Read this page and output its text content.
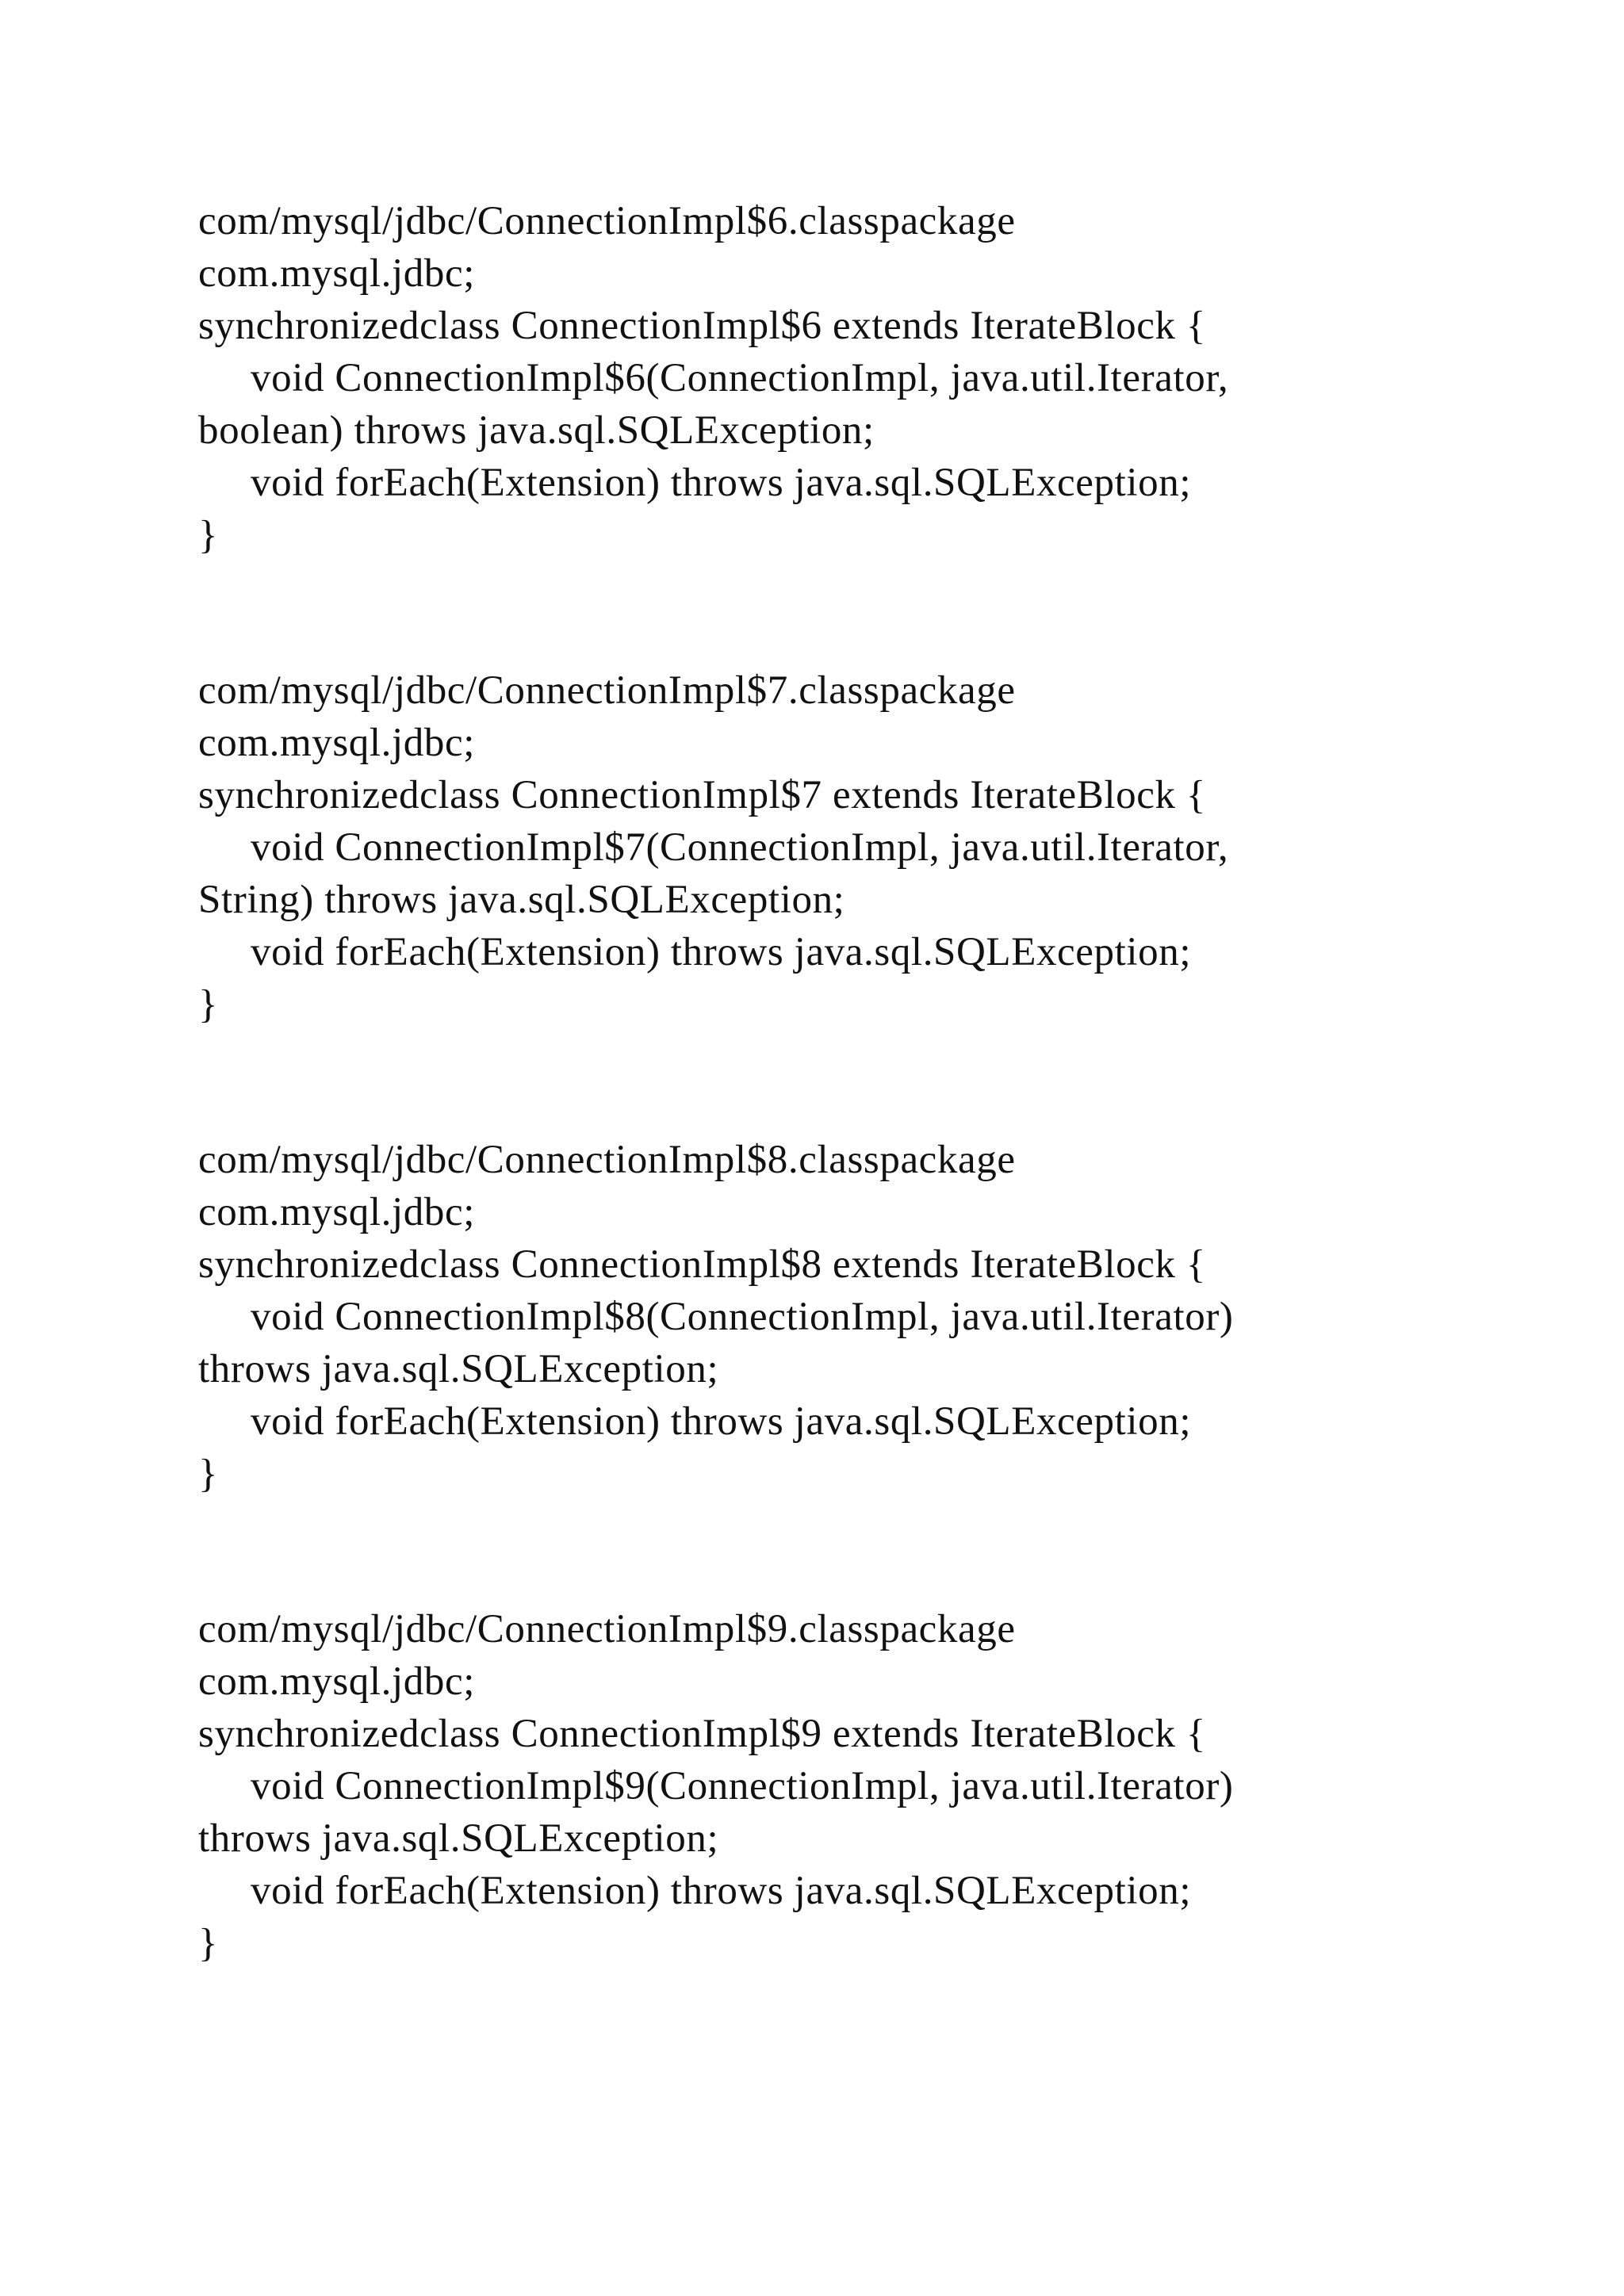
com/mysql/jdbc/ConnectionImpl$6.classpackage
com.mysql.jdbc;
synchronizedclass ConnectionImpl$6 extends IterateBlock {
void ConnectionImpl$6(ConnectionImpl, java.util.Iterator,
boolean) throws java.sql.SQLException;
void forEach(Extension) throws java.sql.SQLException;
}
com/mysql/jdbc/ConnectionImpl$7.classpackage
com.mysql.jdbc;
synchronizedclass ConnectionImpl$7 extends IterateBlock {
void ConnectionImpl$7(ConnectionImpl, java.util.Iterator,
String) throws java.sql.SQLException;
void forEach(Extension) throws java.sql.SQLException;
}
com/mysql/jdbc/ConnectionImpl$8.classpackage
com.mysql.jdbc;
synchronizedclass ConnectionImpl$8 extends IterateBlock {
void ConnectionImpl$8(ConnectionImpl, java.util.Iterator)
throws java.sql.SQLException;
void forEach(Extension) throws java.sql.SQLException;
}
com/mysql/jdbc/ConnectionImpl$9.classpackage
com.mysql.jdbc;
synchronizedclass ConnectionImpl$9 extends IterateBlock {
void ConnectionImpl$9(ConnectionImpl, java.util.Iterator)
throws java.sql.SQLException;
void forEach(Extension) throws java.sql.SQLException;
}
